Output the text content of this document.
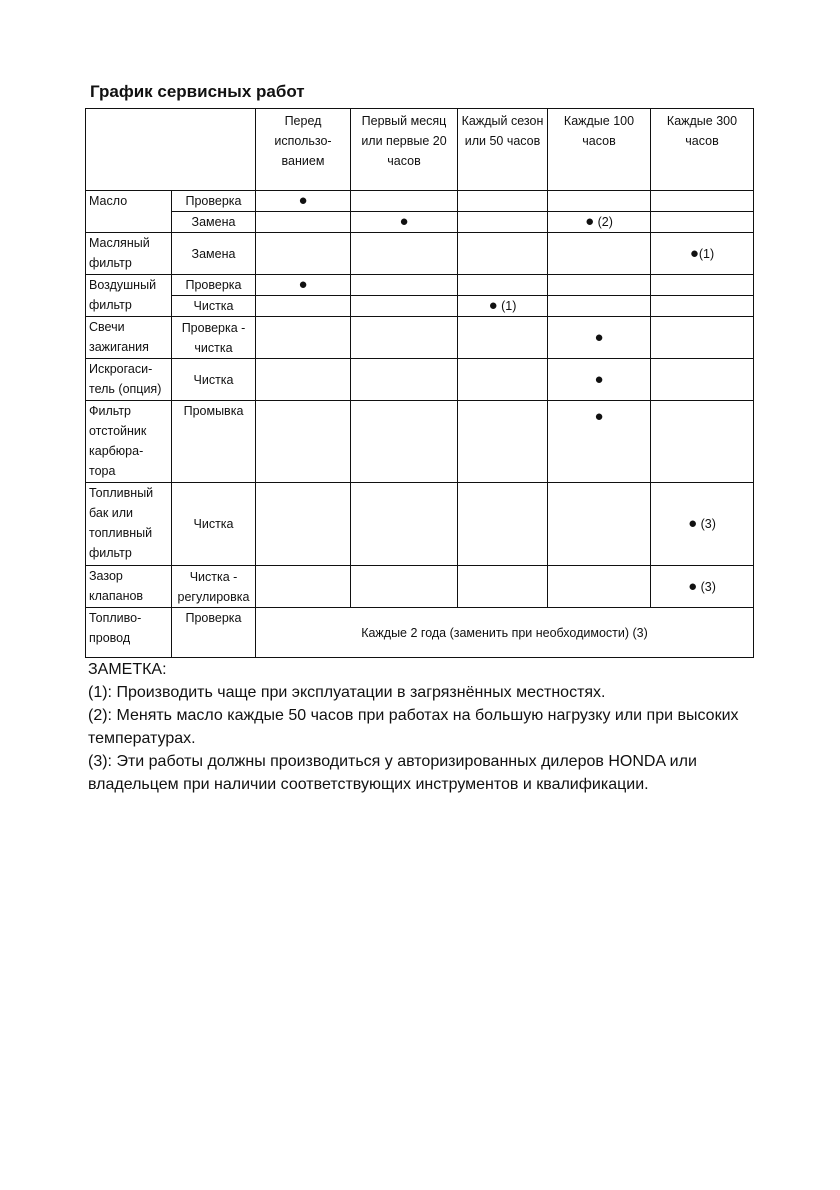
График сервисных работ
		Перед использо-ванием	Первый месяц или первые 20 часов	Каждый сезон или 50 часов	Каждые 100 часов	Каждые 300 часов
Масло	Проверка	●				
	Замена		●		● (2)	
Масляный фильтр	Замена					●(1)
Воздушный фильтр	Проверка	●				
	Чистка			● (1)		
Свечи зажигания	Проверка - чистка				●	
Искрогаси-тель (опция)	Чистка				●	
Фильтр отстойник карбюра-тора	Промывка				●	
Топливный бак или топливный фильтр	Чистка					● (3)
Зазор клапанов	Чистка - регулировка					● (3)
Топливо-провод	Проверка	Каждые 2 года (заменить при необходимости) (3)				

ЗАМЕТКА:

(1): Производить чаще при эксплуатации в загрязнённых местностях.

(2): Менять масло каждые 50 часов при работах на большую нагрузку или при высоких температурах.

(3): Эти работы должны производиться у авторизированных дилеров HONDA или владельцем при наличии соответствующих инструментов и квалификации.
